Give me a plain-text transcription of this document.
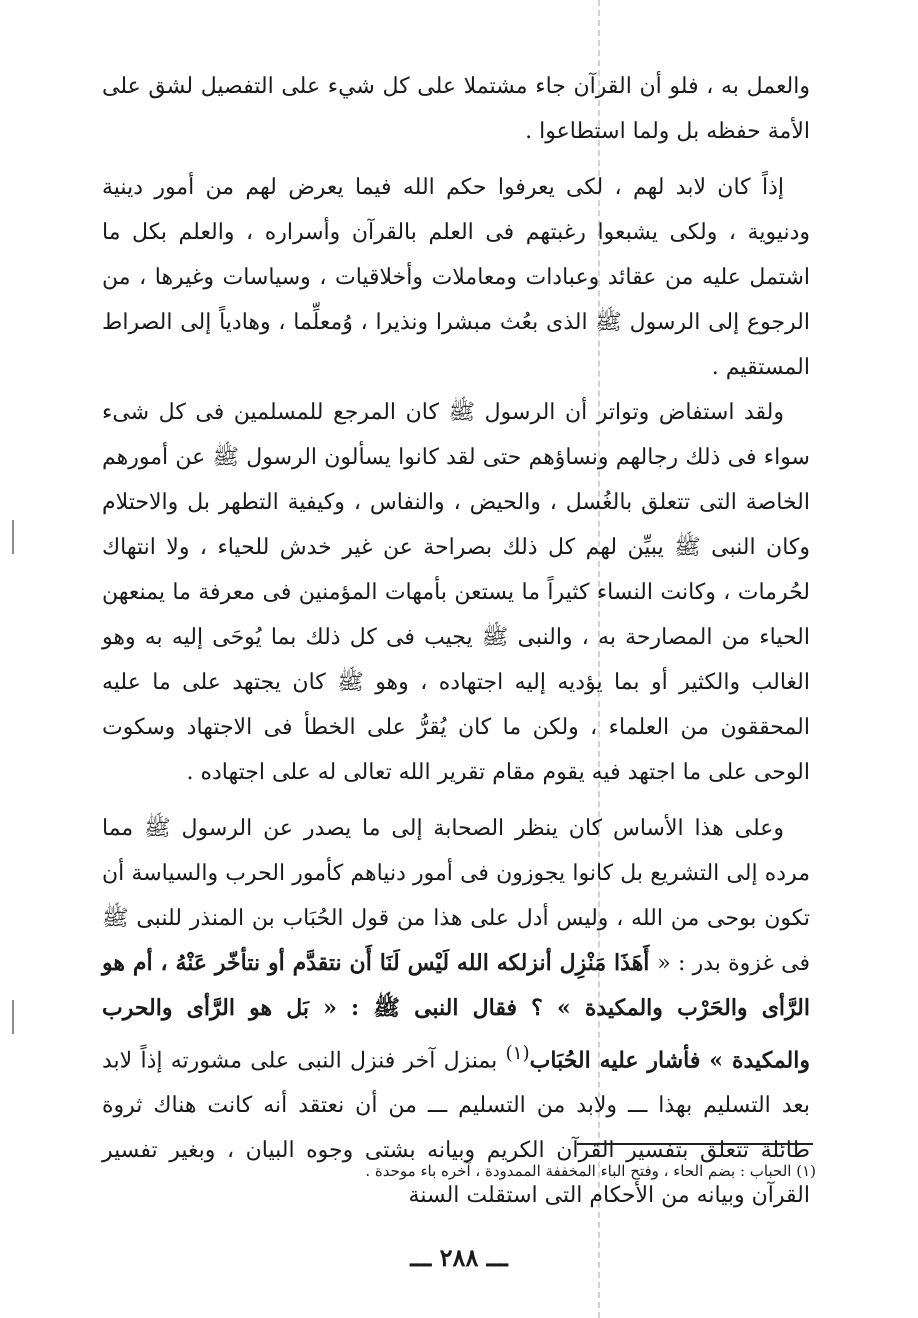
والعمل به ، فلو أن القرآن جاء مشتملا على كل شيء على التفصيل لشق على الأمة حفظه بل ولما استطاعوا .

إذاً كان لابد لهم ، لكى يعرفوا حكم الله فيما يعرض لهم من أمور دينية ودنيوية ، ولكى يشبعوا رغبتهم فى العلم بالقرآن وأسراره ، والعلم بكل ما اشتمل عليه من عقائد وعبادات ومعاملات وأخلاقيات ، وسياسات وغيرها ، من الرجوع إلى الرسول ﷺ الذى بعُث مبشرا ونذيرا ، وُمعلِّما ، وهادياً إلى الصراط المستقيم .

ولقد استفاض وتواتر أن الرسول ﷺ كان المرجع للمسلمين فى كل شىء سواء فى ذلك رجالهم ونساؤهم حتى لقد كانوا يسألون الرسول ﷺ عن أمورهم الخاصة التى تتعلق بالغُسل ، والحيض ، والنفاس ، وكيفية التطهر بل والاحتلام وكان النبى ﷺ يبيِّن لهم كل ذلك بصراحة عن غير خدش للحياء ، ولا انتهاك لحُرمات ، وكانت النساء كثيراً ما يستعن بأمهات المؤمنين فى معرفة ما يمنعهن الحياء من المصارحة به ، والنبى ﷺ يجيب فى كل ذلك بما يُوحَى إليه به وهو الغالب والكثير أو بما يؤديه إليه اجتهاده ، وهو ﷺ كان يجتهد على ما عليه المحققون من العلماء ، ولكن ما كان يُقرُّ على الخطأ فى الاجتهاد وسكوت الوحى على ما اجتهد فيه يقوم مقام تقرير الله تعالى له على اجتهاده .

وعلى هذا الأساس كان ينظر الصحابة إلى ما يصدر عن الرسول ﷺ مما مرده إلى التشريع بل كانوا يجوزون فى أمور دنياهم كأمور الحرب والسياسة أن تكون بوحى من الله ، وليس أدل على هذا من قول الحُبَاب بن المنذر للنبى ﷺ فى غزوة بدر : « أَهَذَا مَنْزِل أنزلكه الله لَيْس لَنَا أَن نتقدَّم أو نتأخّر عَنْهُ ، أم هو الرَّأى والحَرْب والمكيدة » ؟ فقال النبى ﷺ : « بَل هو الرَّأى والحرب والمكيدة » فأشار عليه الحُبَاب$^{(١)}$ بمنزل آخر فنزل النبى على مشورته إذاً لابد بعد التسليم بهذا ـــ ولابد من التسليم ـــ من أن نعتقد أنه كانت هناك ثروة طائلة تتعلق بتفسير القرآن الكريم وبيانه بشتى وجوه البيان ، وبغير تفسير القرآن وبيانه من الأحكام التى استقلت السنة

(١) الحباب : بضم الحاء ، وفتح الباء المخففة الممدودة ، آخره باء موحدة .
ـــ ٢٨٨ ـــ
